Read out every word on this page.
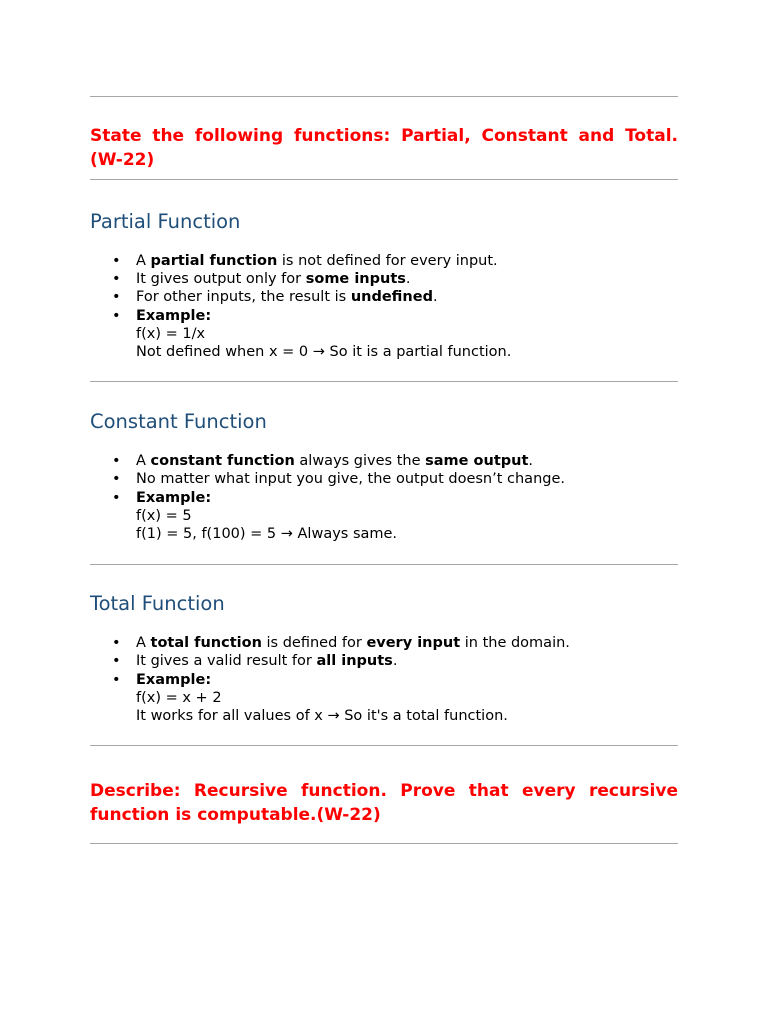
State the following functions: Partial, Constant and Total. (W-22)

Partial Function
• A partial function is not defined for every input.
• It gives output only for some inputs.
• For other inputs, the result is undefined.
• Example:
f(x) = 1/x
Not defined when x = 0 → So it is a partial function.
Constant Function
• A constant function always gives the same output.
• No matter what input you give, the output doesn’t change.
• Example:
f(x) = 5
f(1) = 5, f(100) = 5 → Always same.
Total Function
• A total function is defined for every input in the domain.
• It gives a valid result for all inputs.
• Example:
f(x) = x + 2
It works for all values of x → So it's a total function.

Describe: Recursive function. Prove that every recursive function is computable.(W-22)
